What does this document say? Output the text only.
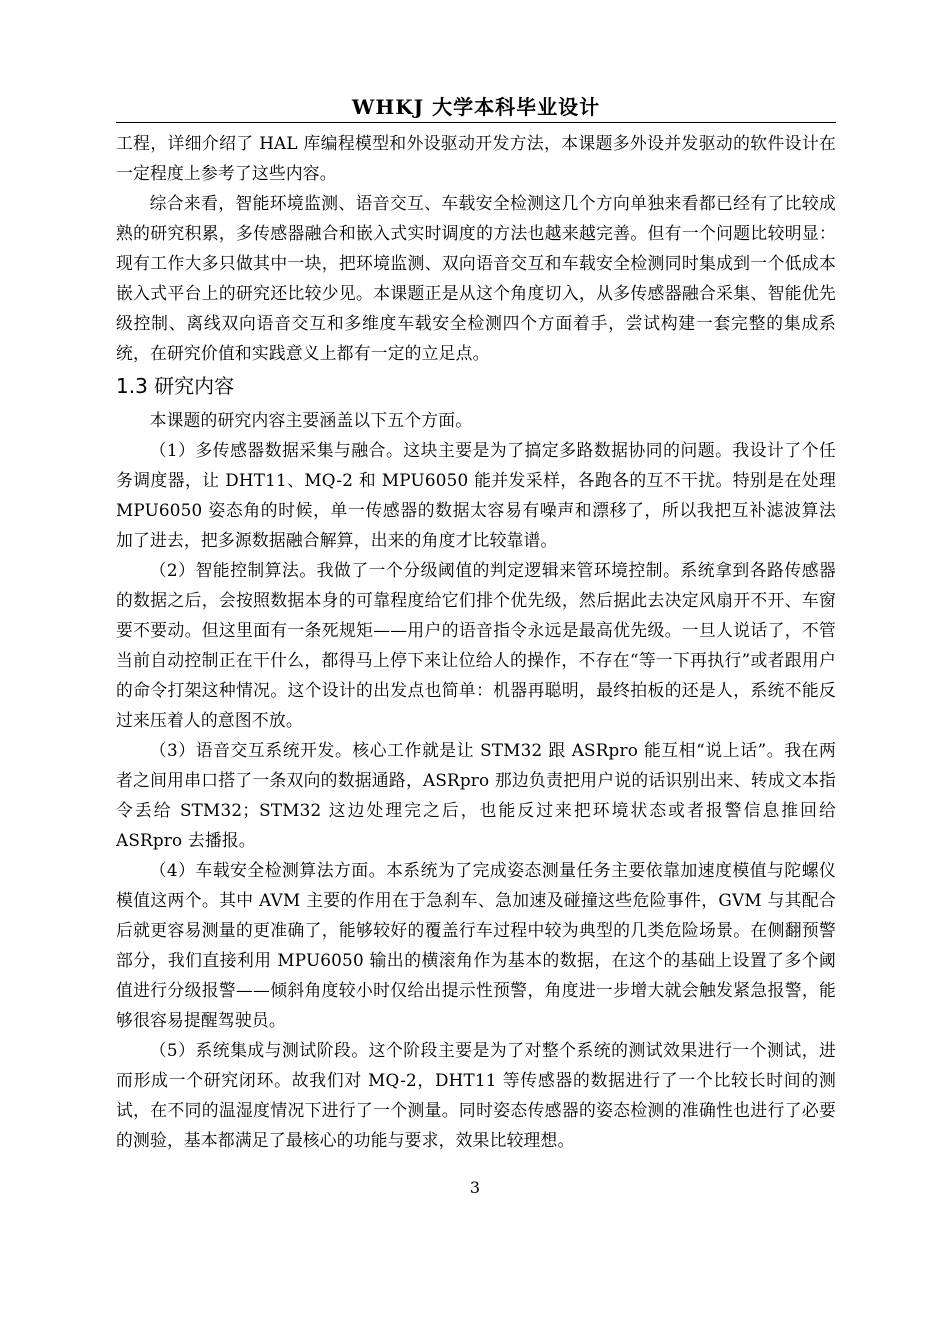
WHKJ 大学本科毕业设计

工程，详细介绍了 HAL 库编程模型和外设驱动开发方法，本课题多外设并发驱动的软件设计在一定程度上参考了这些内容。

综合来看，智能环境监测、语音交互、车载安全检测这几个方向单独来看都已经有了比较成熟的研究积累，多传感器融合和嵌入式实时调度的方法也越来越完善。但有一个问题比较明显：现有工作大多只做其中一块，把环境监测、双向语音交互和车载安全检测同时集成到一个低成本嵌入式平台上的研究还比较少见。本课题正是从这个角度切入，从多传感器融合采集、智能优先级控制、离线双向语音交互和多维度车载安全检测四个方面着手，尝试构建一套完整的集成系统，在研究价值和实践意义上都有一定的立足点。

1.3 研究内容

本课题的研究内容主要涵盖以下五个方面。

（1）多传感器数据采集与融合。这块主要是为了搞定多路数据协同的问题。我设计了个任务调度器，让 DHT11、MQ-2 和 MPU6050 能并发采样，各跑各的互不干扰。特别是在处理 MPU6050 姿态角的时候，单一传感器的数据太容易有噪声和漂移了，所以我把互补滤波算法加了进去，把多源数据融合解算，出来的角度才比较靠谱。

（2）智能控制算法。我做了一个分级阈值的判定逻辑来管环境控制。系统拿到各路传感器的数据之后，会按照数据本身的可靠程度给它们排个优先级，然后据此去决定风扇开不开、车窗要不要动。但这里面有一条死规矩——用户的语音指令永远是最高优先级。一旦人说话了，不管当前自动控制正在干什么，都得马上停下来让位给人的操作，不存在“等一下再执行”或者跟用户的命令打架这种情况。这个设计的出发点也简单：机器再聪明，最终拍板的还是人，系统不能反过来压着人的意图不放。

（3）语音交互系统开发。核心工作就是让 STM32 跟 ASRpro 能互相“说上话”。我在两者之间用串口搭了一条双向的数据通路，ASRpro 那边负责把用户说的话识别出来、转成文本指令丢给 STM32；STM32 这边处理完之后，也能反过来把环境状态或者报警信息推回给 ASRpro 去播报。

（4）车载安全检测算法方面。本系统为了完成姿态测量任务主要依靠加速度模值与陀螺仪模值这两个。其中 AVM 主要的作用在于急刹车、急加速及碰撞这些危险事件，GVM 与其配合后就更容易测量的更准确了，能够较好的覆盖行车过程中较为典型的几类危险场景。在侧翻预警部分，我们直接利用 MPU6050 输出的横滚角作为基本的数据，在这个的基础上设置了多个阈值进行分级报警——倾斜角度较小时仅给出提示性预警，角度进一步增大就会触发紧急报警，能够很容易提醒驾驶员。

（5）系统集成与测试阶段。这个阶段主要是为了对整个系统的测试效果进行一个测试，进而形成一个研究闭环。故我们对 MQ-2，DHT11 等传感器的数据进行了一个比较长时间的测试，在不同的温湿度情况下进行了一个测量。同时姿态传感器的姿态检测的准确性也进行了必要的测验，基本都满足了最核心的功能与要求，效果比较理想。

3
